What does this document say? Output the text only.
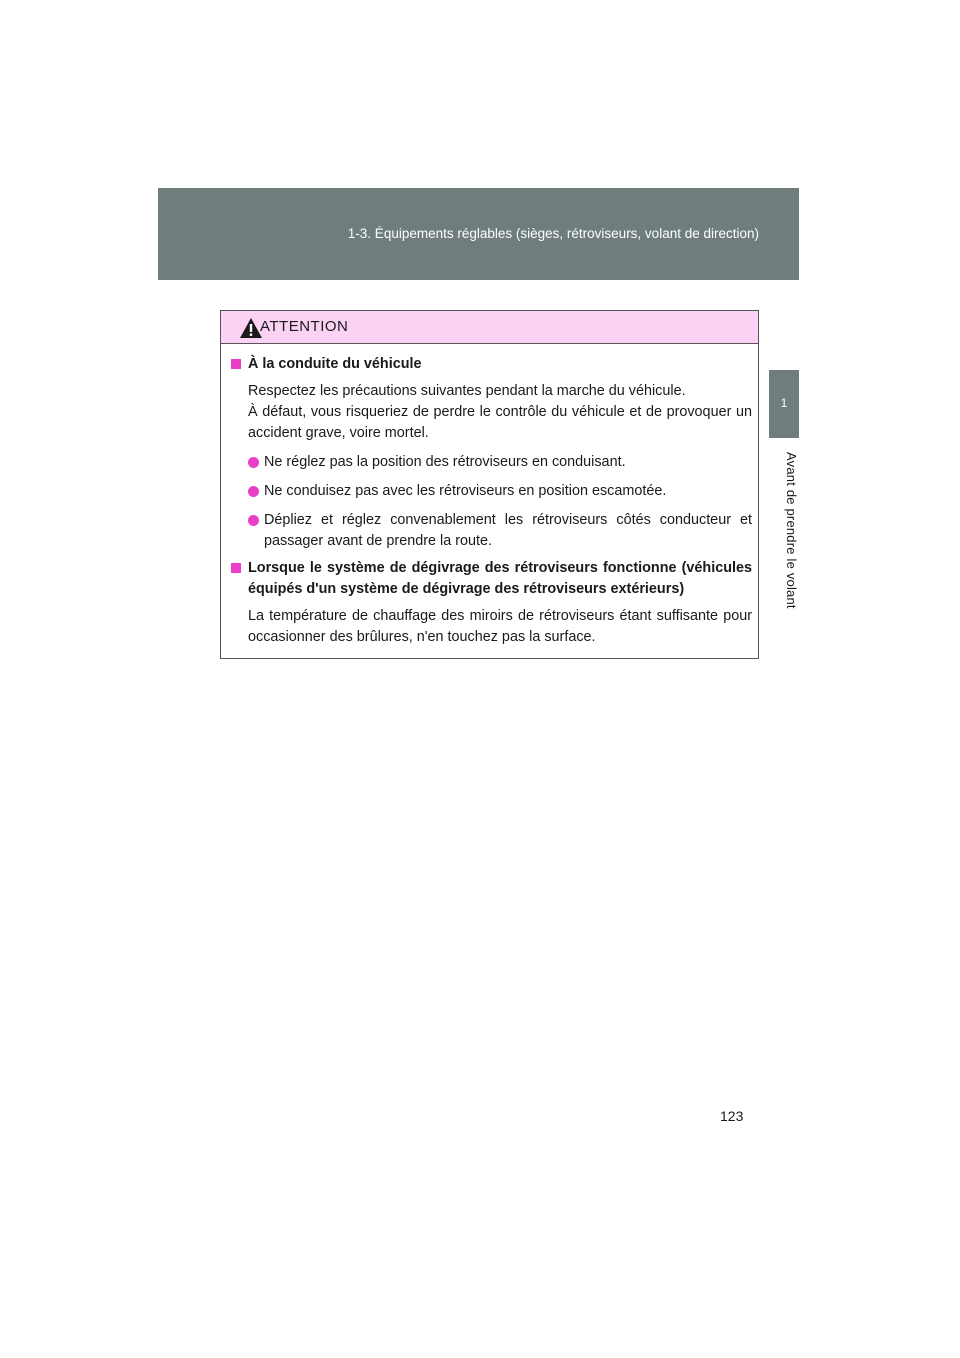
1-3. Équipements réglables (sièges, rétroviseurs, volant de direction)
1
Avant de prendre le volant
ATTENTION
À la conduite du véhicule
Respectez les précautions suivantes pendant la marche du véhicule.
À défaut, vous risqueriez de perdre le contrôle du véhicule et de provoquer un accident grave, voire mortel.
Ne réglez pas la position des rétroviseurs en conduisant.
Ne conduisez pas avec les rétroviseurs en position escamotée.
Dépliez et réglez convenablement les rétroviseurs côtés conducteur et passager avant de prendre la route.
Lorsque le système de dégivrage des rétroviseurs fonctionne (véhicules équipés d'un système de dégivrage des rétroviseurs extérieurs)
La température de chauffage des miroirs de rétroviseurs étant suffisante pour occasionner des brûlures, n'en touchez pas la surface.
123
